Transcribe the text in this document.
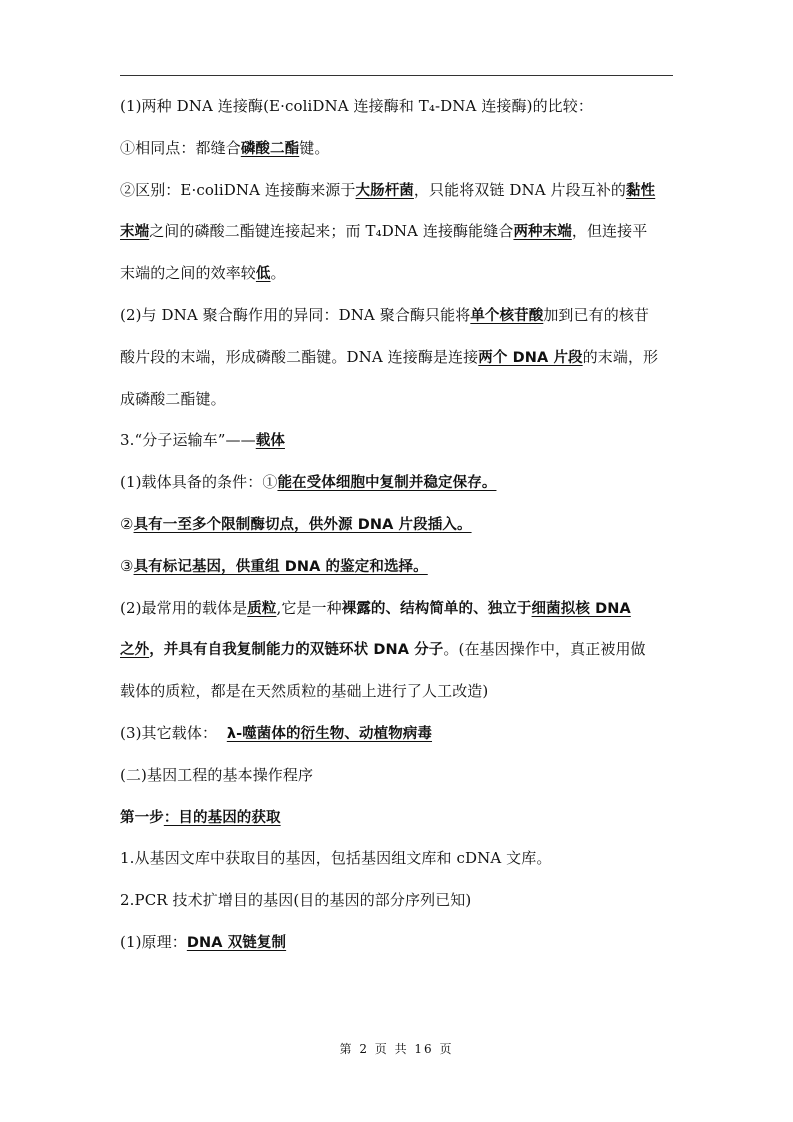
(1)两种 DNA 连接酶(E·coliDNA 连接酶和 T₄-DNA 连接酶)的比较：
①相同点：都缝合磷酸二酯键。
②区别：E·coliDNA 连接酶来源于大肠杆菌，只能将双链 DNA 片段互补的黏性
末端之间的磷酸二酯键连接起来；而 T₄DNA 连接酶能缝合两种末端，但连接平
末端的之间的效率较低。
(2)与 DNA 聚合酶作用的异同：DNA 聚合酶只能将单个核苷酸加到已有的核苷
酸片段的末端，形成磷酸二酯键。DNA 连接酶是连接两个 DNA 片段的末端，形
成磷酸二酯键。
3.“分子运输车”——载体
(1)载体具备的条件：①能在受体细胞中复制并稳定保存。
②具有一至多个限制酶切点，供外源 DNA 片段插入。
③具有标记基因，供重组 DNA 的鉴定和选择。
(2)最常用的载体是质粒,它是一种裸露的、结构简单的、独立于细菌拟核 DNA
之外，并具有自我复制能力的双链环状 DNA 分子。(在基因操作中，真正被用做
载体的质粒，都是在天然质粒的基础上进行了人工改造)
(3)其它载体： λ-噬菌体的衍生物、动植物病毒
(二)基因工程的基本操作程序
第一步：目的基因的获取
1.从基因文库中获取目的基因，包括基因组文库和 cDNA 文库。
2.PCR 技术扩增目的基因(目的基因的部分序列已知)
(1)原理：DNA 双链复制
第 2 页 共 16 页
